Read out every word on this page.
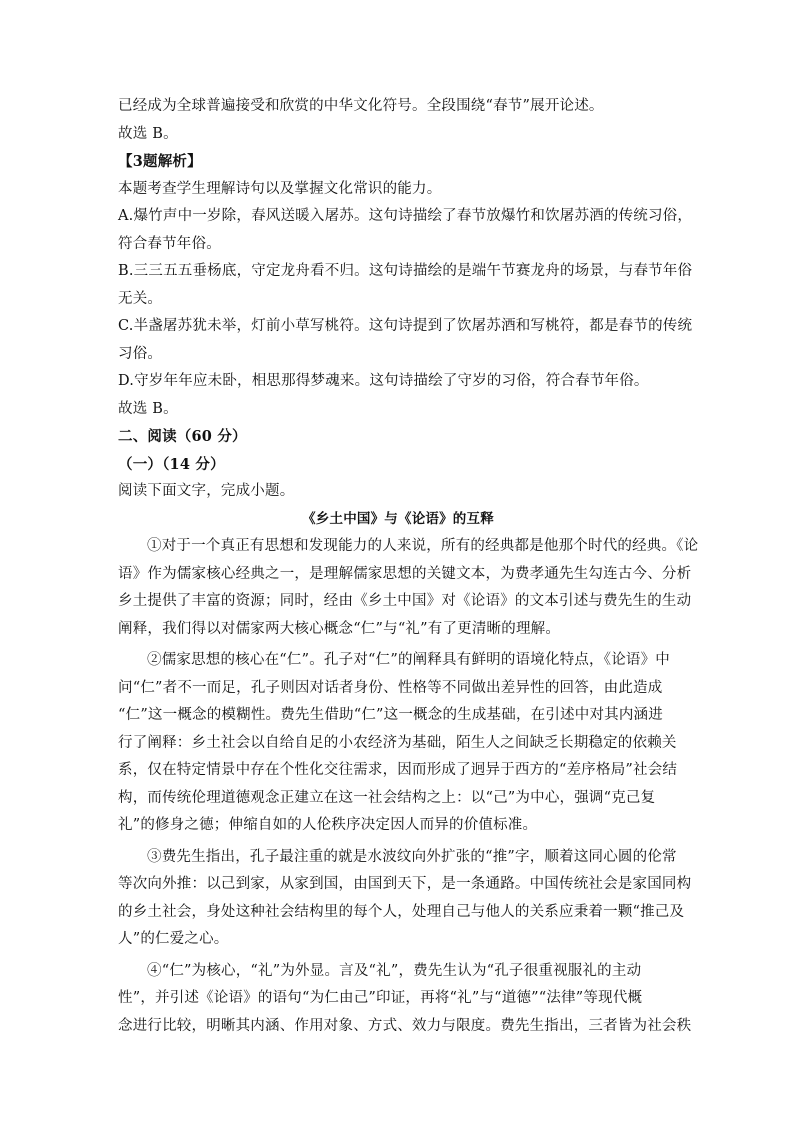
已经成为全球普遍接受和欣赏的中华文化符号。全段围绕“春节”展开论述。
故选 B。
【3题解析】
本题考查学生理解诗句以及掌握文化常识的能力。
A.爆竹声中一岁除，春风送暖入屠苏。这句诗描绘了春节放爆竹和饮屠苏酒的传统习俗，
符合春节年俗。
B.三三五五垂杨底，守定龙舟看不归。这句诗描绘的是端午节赛龙舟的场景，与春节年俗
无关。
C.半盏屠苏犹未举，灯前小草写桃符。这句诗提到了饮屠苏酒和写桃符，都是春节的传统
习俗。
D.守岁年年应未卧，相思那得梦魂来。这句诗描绘了守岁的习俗，符合春节年俗。
故选 B。
二、阅读（60 分）
（一）（14 分）
阅读下面文字，完成小题。
《乡土中国》与《论语》的互释
①对于一个真正有思想和发现能力的人来说，所有的经典都是他那个时代的经典。《论
语》作为儒家核心经典之一，是理解儒家思想的关键文本，为费孝通先生勾连古今、分析
乡土提供了丰富的资源；同时，经由《乡土中国》对《论语》的文本引述与费先生的生动
阐释，我们得以对儒家两大核心概念“仁”与“礼”有了更清晰的理解。
②儒家思想的核心在“仁”。孔子对“仁”的阐释具有鲜明的语境化特点，《论语》中
问“仁”者不一而足，孔子则因对话者身份、性格等不同做出差异性的回答，由此造成
“仁”这一概念的模糊性。费先生借助“仁”这一概念的生成基础，在引述中对其内涵进
行了阐释：乡土社会以自给自足的小农经济为基础，陌生人之间缺乏长期稳定的依赖关
系，仅在特定情景中存在个性化交往需求，因而形成了迥异于西方的“差序格局”社会结
构，而传统伦理道德观念正建立在这一社会结构之上：以“己”为中心，强调“克己复
礼”的修身之德；伸缩自如的人伦秩序决定因人而异的价值标准。
③费先生指出，孔子最注重的就是水波纹向外扩张的“推”字，顺着这同心圆的伦常
等次向外推：以己到家，从家到国，由国到天下，是一条通路。中国传统社会是家国同构
的乡土社会，身处这种社会结构里的每个人，处理自己与他人的关系应秉着一颗“推己及
人”的仁爱之心。
④“仁”为核心，“礼”为外显。言及“礼”，费先生认为“孔子很重视服礼的主动
性”，并引述《论语》的语句“为仁由己”印证，再将“礼”与“道德”“法律”等现代概
念进行比较，明晰其内涵、作用对象、方式、效力与限度。费先生指出，三者皆为社会秩
